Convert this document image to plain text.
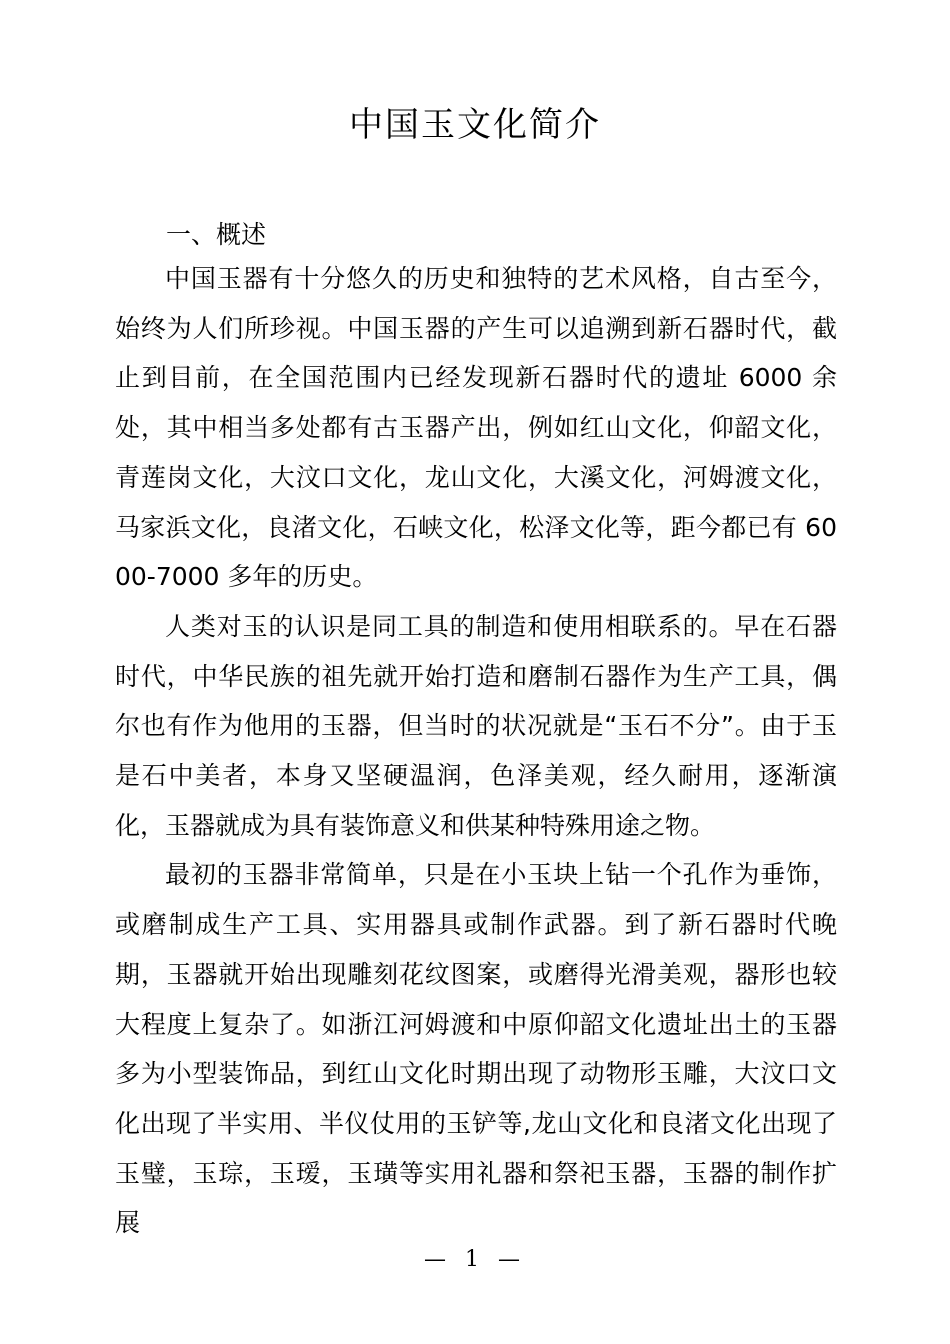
中国玉文化简介
一、概述

中国玉器有十分悠久的历史和独特的艺术风格，自古至今，始终为人们所珍视。中国玉器的产生可以追溯到新石器时代，截止到目前，在全国范围内已经发现新石器时代的遗址 6000 余处，其中相当多处都有古玉器产出，例如红山文化，仰韶文化，青莲岗文化，大汶口文化，龙山文化，大溪文化，河姆渡文化，马家浜文化，良渚文化，石峡文化，松泽文化等，距今都已有 6000-7000 多年的历史。

人类对玉的认识是同工具的制造和使用相联系的。早在石器时代，中华民族的祖先就开始打造和磨制石器作为生产工具，偶尔也有作为他用的玉器，但当时的状况就是“玉石不分”。由于玉是石中美者，本身又坚硬温润，色泽美观，经久耐用，逐渐演化，玉器就成为具有装饰意义和供某种特殊用途之物。

最初的玉器非常简单，只是在小玉块上钻一个孔作为垂饰，或磨制成生产工具、实用器具或制作武器。到了新石器时代晚期，玉器就开始出现雕刻花纹图案，或磨得光滑美观，器形也较大程度上复杂了。如浙江河姆渡和中原仰韶文化遗址出土的玉器多为小型装饰品，到红山文化时期出现了动物形玉雕，大汶口文化出现了半实用、半仪仗用的玉铲等,龙山文化和良渚文化出现了玉璧，玉琮，玉瑷，玉璜等实用礼器和祭祀玉器，玉器的制作扩展

— 1 —
